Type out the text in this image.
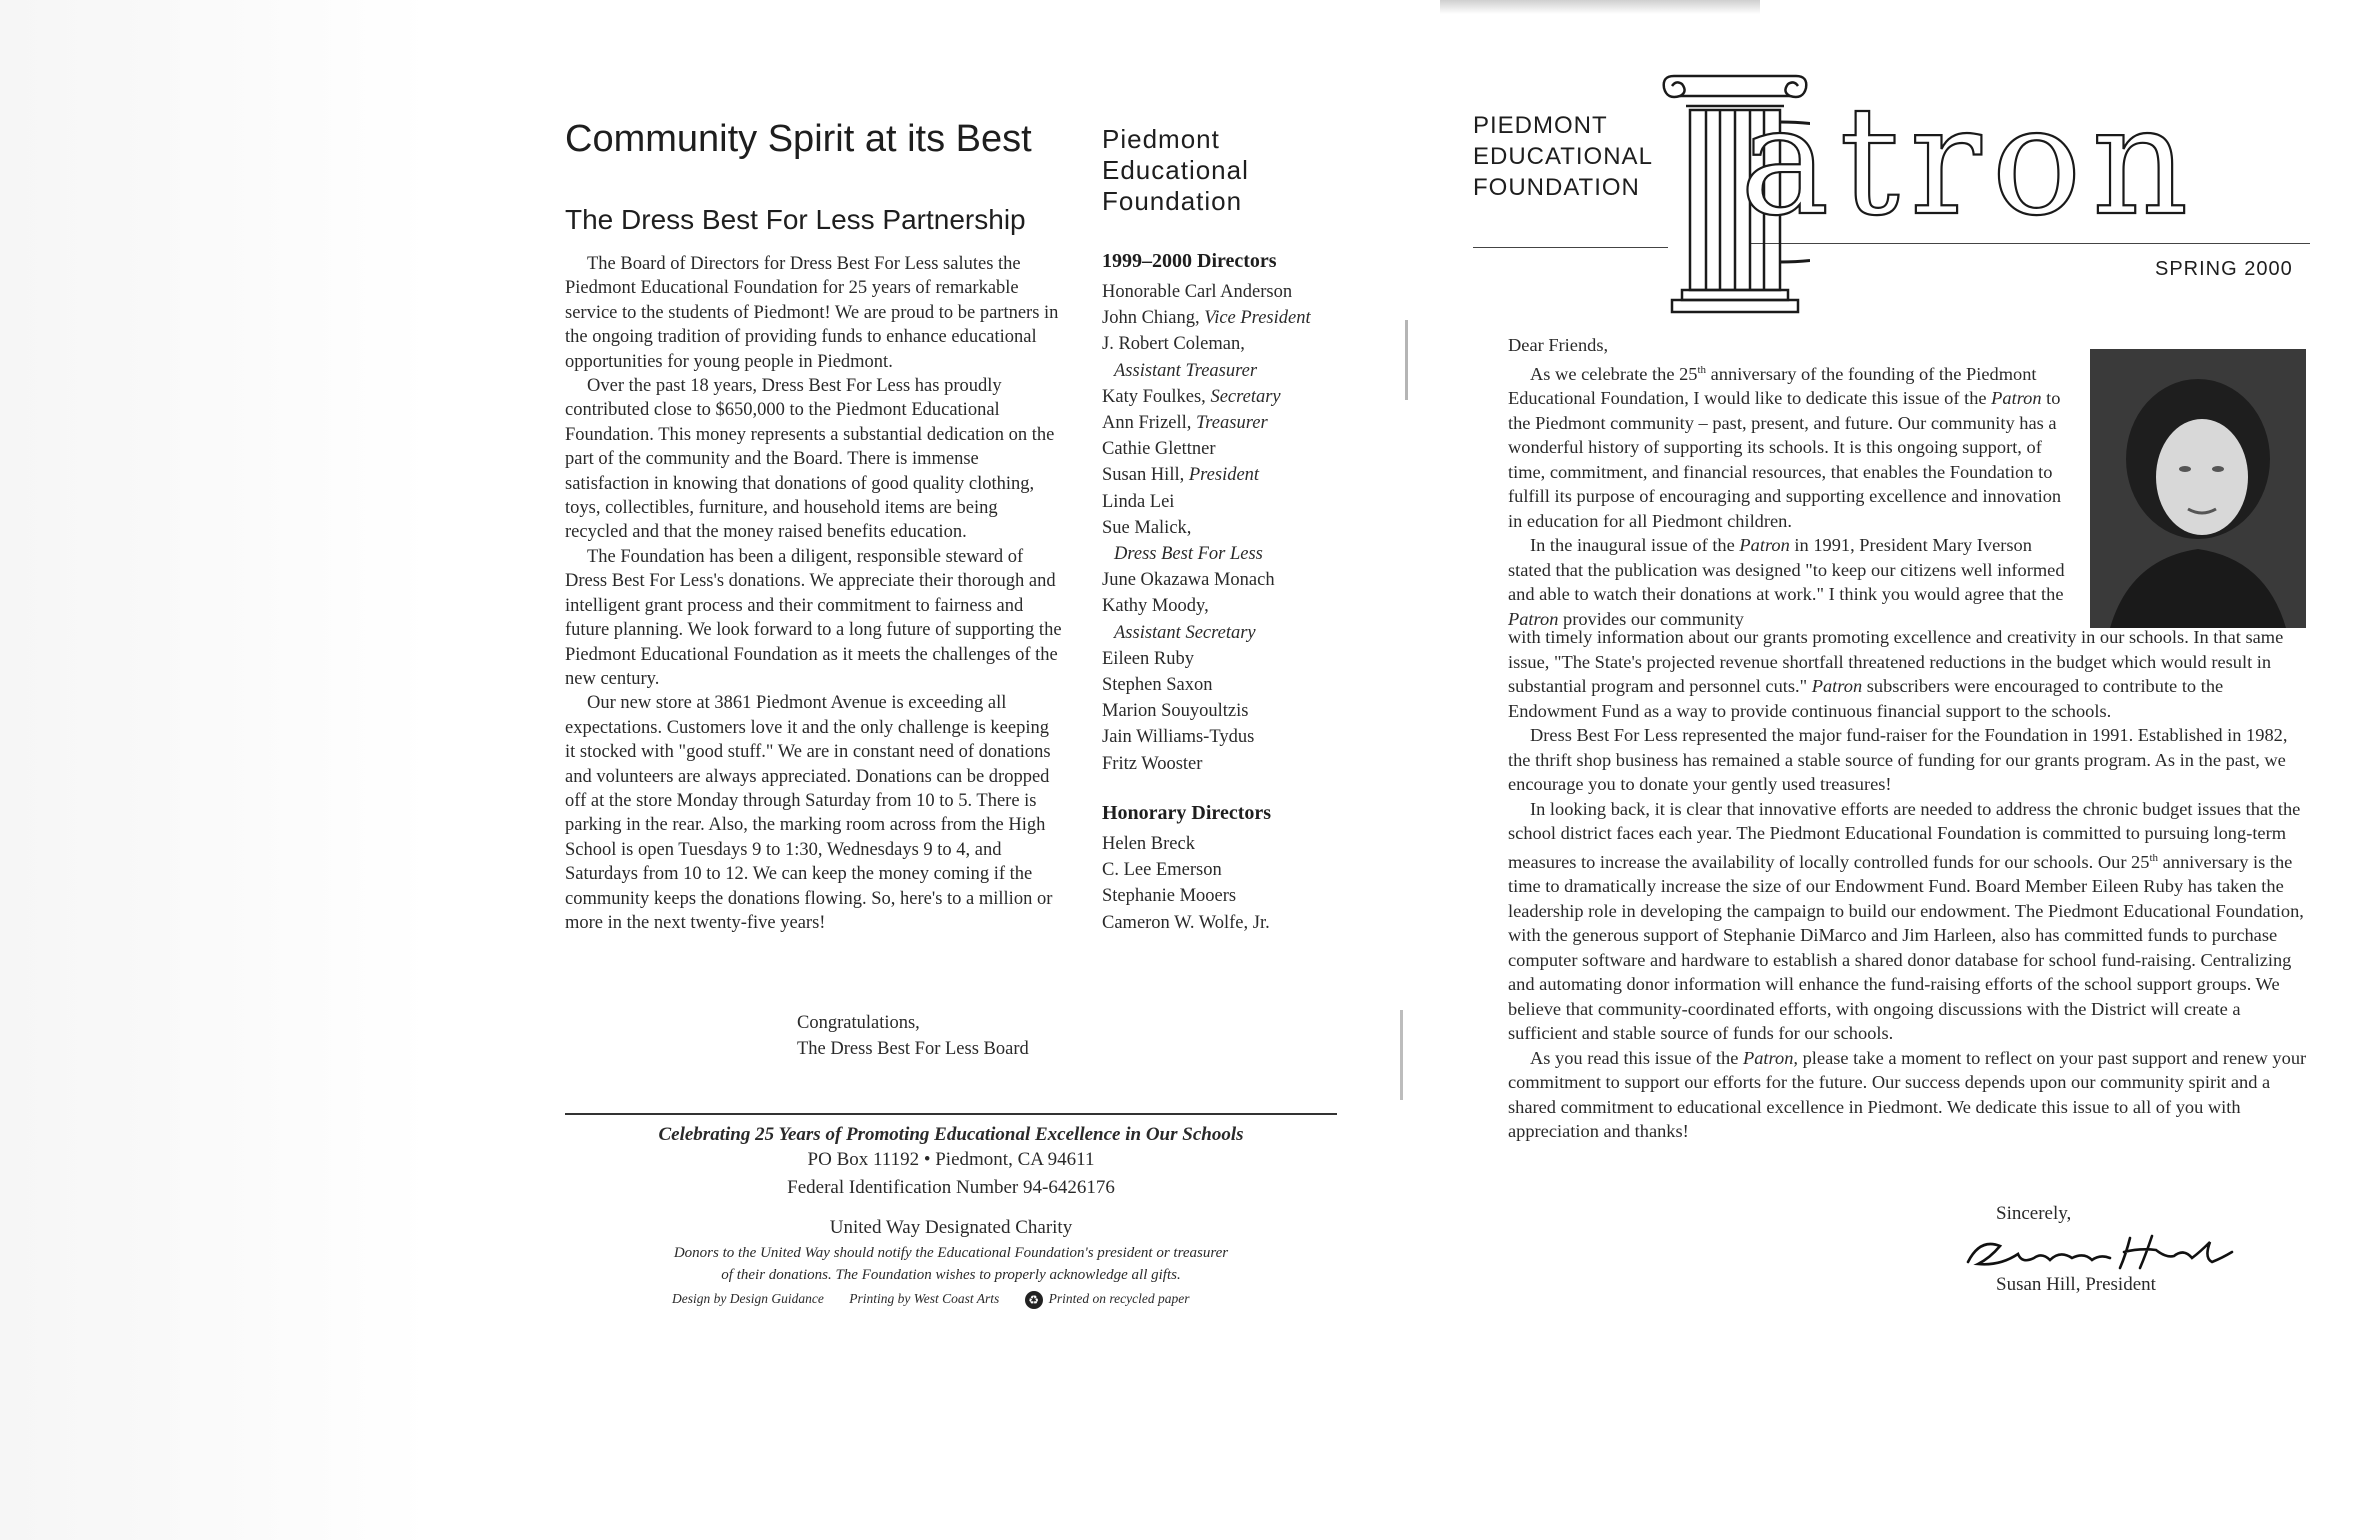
Community Spirit at its Best
The Dress Best For Less Partnership

The Board of Directors for Dress Best For Less salutes the Piedmont Educational Foundation for 25 years of remarkable service to the students of Piedmont! We are proud to be partners in the ongoing tradition of providing funds to enhance educational opportunities for young people in Piedmont.

Over the past 18 years, Dress Best For Less has proudly contributed close to $650,000 to the Piedmont Educational Foundation. This money represents a substantial dedication on the part of the community and the Board. There is immense satisfaction in knowing that donations of good quality clothing, toys, collectibles, furniture, and household items are being recycled and that the money raised benefits education.

The Foundation has been a diligent, responsible steward of Dress Best For Less's donations. We appreciate their thorough and intelligent grant process and their commitment to fairness and future planning. We look forward to a long future of supporting the Piedmont Educational Foundation as it meets the challenges of the new century.

Our new store at 3861 Piedmont Avenue is exceeding all expectations. Customers love it and the only challenge is keeping it stocked with "good stuff." We are in constant need of donations and volunteers are always appreciated. Donations can be dropped off at the store Monday through Saturday from 10 to 5. There is parking in the rear. Also, the marking room across from the High School is open Tuesdays 9 to 1:30, Wednesdays 9 to 4, and Saturdays from 10 to 12. We can keep the money coming if the community keeps the donations flowing. So, here's to a million or more in the next twenty-five years!

Congratulations,
The Dress Best For Less Board
Piedmont
Educational
Foundation
1999–2000 Directors
Honorable Carl Anderson
John Chiang, Vice President
J. Robert Coleman,
Assistant Treasurer
Katy Foulkes, Secretary
Ann Frizell, Treasurer
Cathie Glettner
Susan Hill, President
Linda Lei
Sue Malick,
Dress Best For Less
June Okazawa Monach
Kathy Moody,
Assistant Secretary
Eileen Ruby
Stephen Saxon
Marion Souyoultzis
Jain Williams-Tydus
Fritz Wooster
Honorary Directors
Helen Breck
C. Lee Emerson
Stephanie Mooers
Cameron W. Wolfe, Jr.
Celebrating 25 Years of Promoting Educational Excellence in Our Schools
PO Box 11192 • Piedmont, CA 94611
Federal Identification Number 94-6426176
United Way Designated Charity
Donors to the United Way should notify the Educational Foundation's president or treasurer
of their donations. The Foundation wishes to properly acknowledge all gifts.
Design by Design Guidance Printing by West Coast Arts ♻ Printed on recycled paper
PIEDMONT
EDUCATIONAL
FOUNDATION atron
SPRING 2000

Dear Friends,

As we celebrate the 25th anniversary of the founding of the Piedmont Educational Foundation, I would like to dedicate this issue of the Patron to the Piedmont community – past, present, and future. Our community has a wonderful history of supporting its schools. It is this ongoing support, of time, commitment, and financial resources, that enables the Foundation to fulfill its purpose of encouraging and supporting excellence and innovation in education for all Piedmont children.

In the inaugural issue of the Patron in 1991, President Mary Iverson stated that the publication was designed "to keep our citizens well informed and able to watch their donations at work." I think you would agree that the Patron provides our community

with timely information about our grants promoting excellence and creativity in our schools. In that same issue, "The State's projected revenue shortfall threatened reductions in the budget which would result in substantial program and personnel cuts." Patron subscribers were encouraged to contribute to the Endowment Fund as a way to provide continuous financial support to the schools.

Dress Best For Less represented the major fund-raiser for the Foundation in 1991. Established in 1982, the thrift shop business has remained a stable source of funding for our grants program. As in the past, we encourage you to donate your gently used treasures!

In looking back, it is clear that innovative efforts are needed to address the chronic budget issues that the school district faces each year. The Piedmont Educational Foundation is committed to pursuing long-term measures to increase the availability of locally controlled funds for our schools. Our 25th anniversary is the time to dramatically increase the size of our Endowment Fund. Board Member Eileen Ruby has taken the leadership role in developing the campaign to build our endowment. The Piedmont Educational Foundation, with the generous support of Stephanie DiMarco and Jim Harleen, also has committed funds to purchase computer software and hardware to establish a shared donor database for school fund-raising. Centralizing and automating donor information will enhance the fund-raising efforts of the school support groups. We believe that community-coordinated efforts, with ongoing discussions with the District will create a sufficient and stable source of funds for our schools.

As you read this issue of the Patron, please take a moment to reflect on your past support and renew your commitment to support our efforts for the future. Our success depends upon our community spirit and a shared commitment to educational excellence in Piedmont. We dedicate this issue to all of you with appreciation and thanks!

Sincerely,
Susan Hill, President
